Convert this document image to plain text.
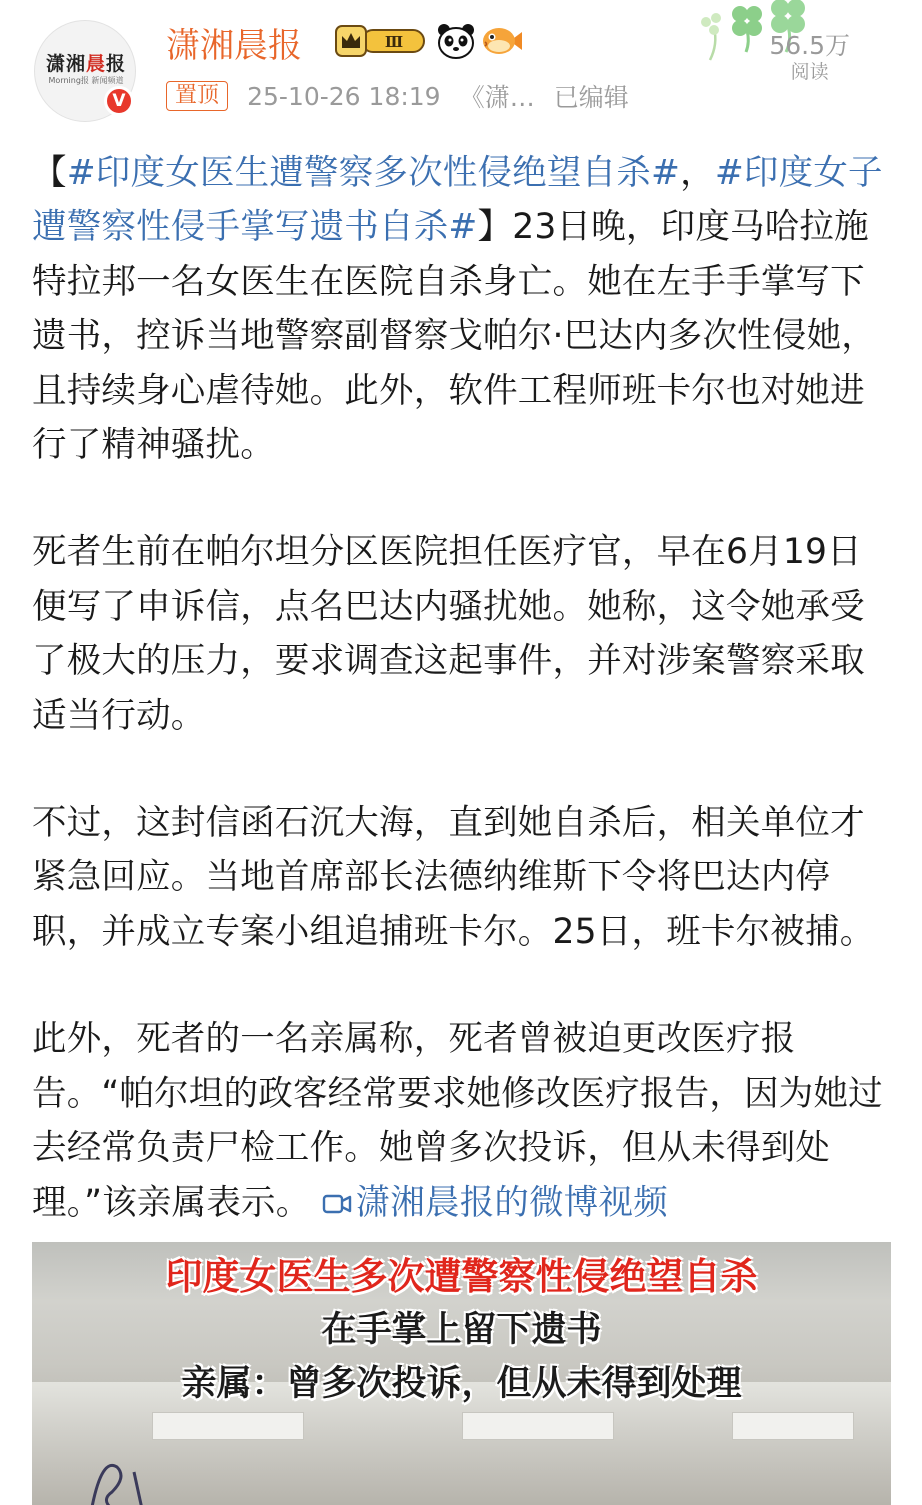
潇湘晨报
Morning报 新闻频道
V
潇湘晨报	Ⅲ
置顶 25-10-26 18:19 《潇… 已编辑
56.5万
阅读

【#印度女医生遭警察多次性侵绝望自杀#，#印度女子遭警察性侵手掌写遗书自杀#】23日晚，印度马哈拉施特拉邦一名女医生在医院自杀身亡。她在左手手掌写下遗书，控诉当地警察副督察戈帕尔·巴达内多次性侵她，且持续身心虐待她。此外，软件工程师班卡尔也对她进行了精神骚扰。

死者生前在帕尔坦分区医院担任医疗官，早在6月19日便写了申诉信，点名巴达内骚扰她。她称，这令她承受了极大的压力，要求调查这起事件，并对涉案警察采取适当行动。

不过，这封信函石沉大海，直到她自杀后，相关单位才紧急回应。当地首席部长法德纳维斯下令将巴达内停职，并成立专案小组追捕班卡尔。25日，班卡尔被捕。

此外，死者的一名亲属称，死者曾被迫更改医疗报告。“帕尔坦的政客经常要求她修改医疗报告，因为她过去经常负责尸检工作。她曾多次投诉，但从未得到处理。”该亲属表示。 潇湘晨报的微博视频

印度女医生多次遭警察性侵绝望自杀
在手掌上留下遗书
亲属：曾多次投诉，但从未得到处理
